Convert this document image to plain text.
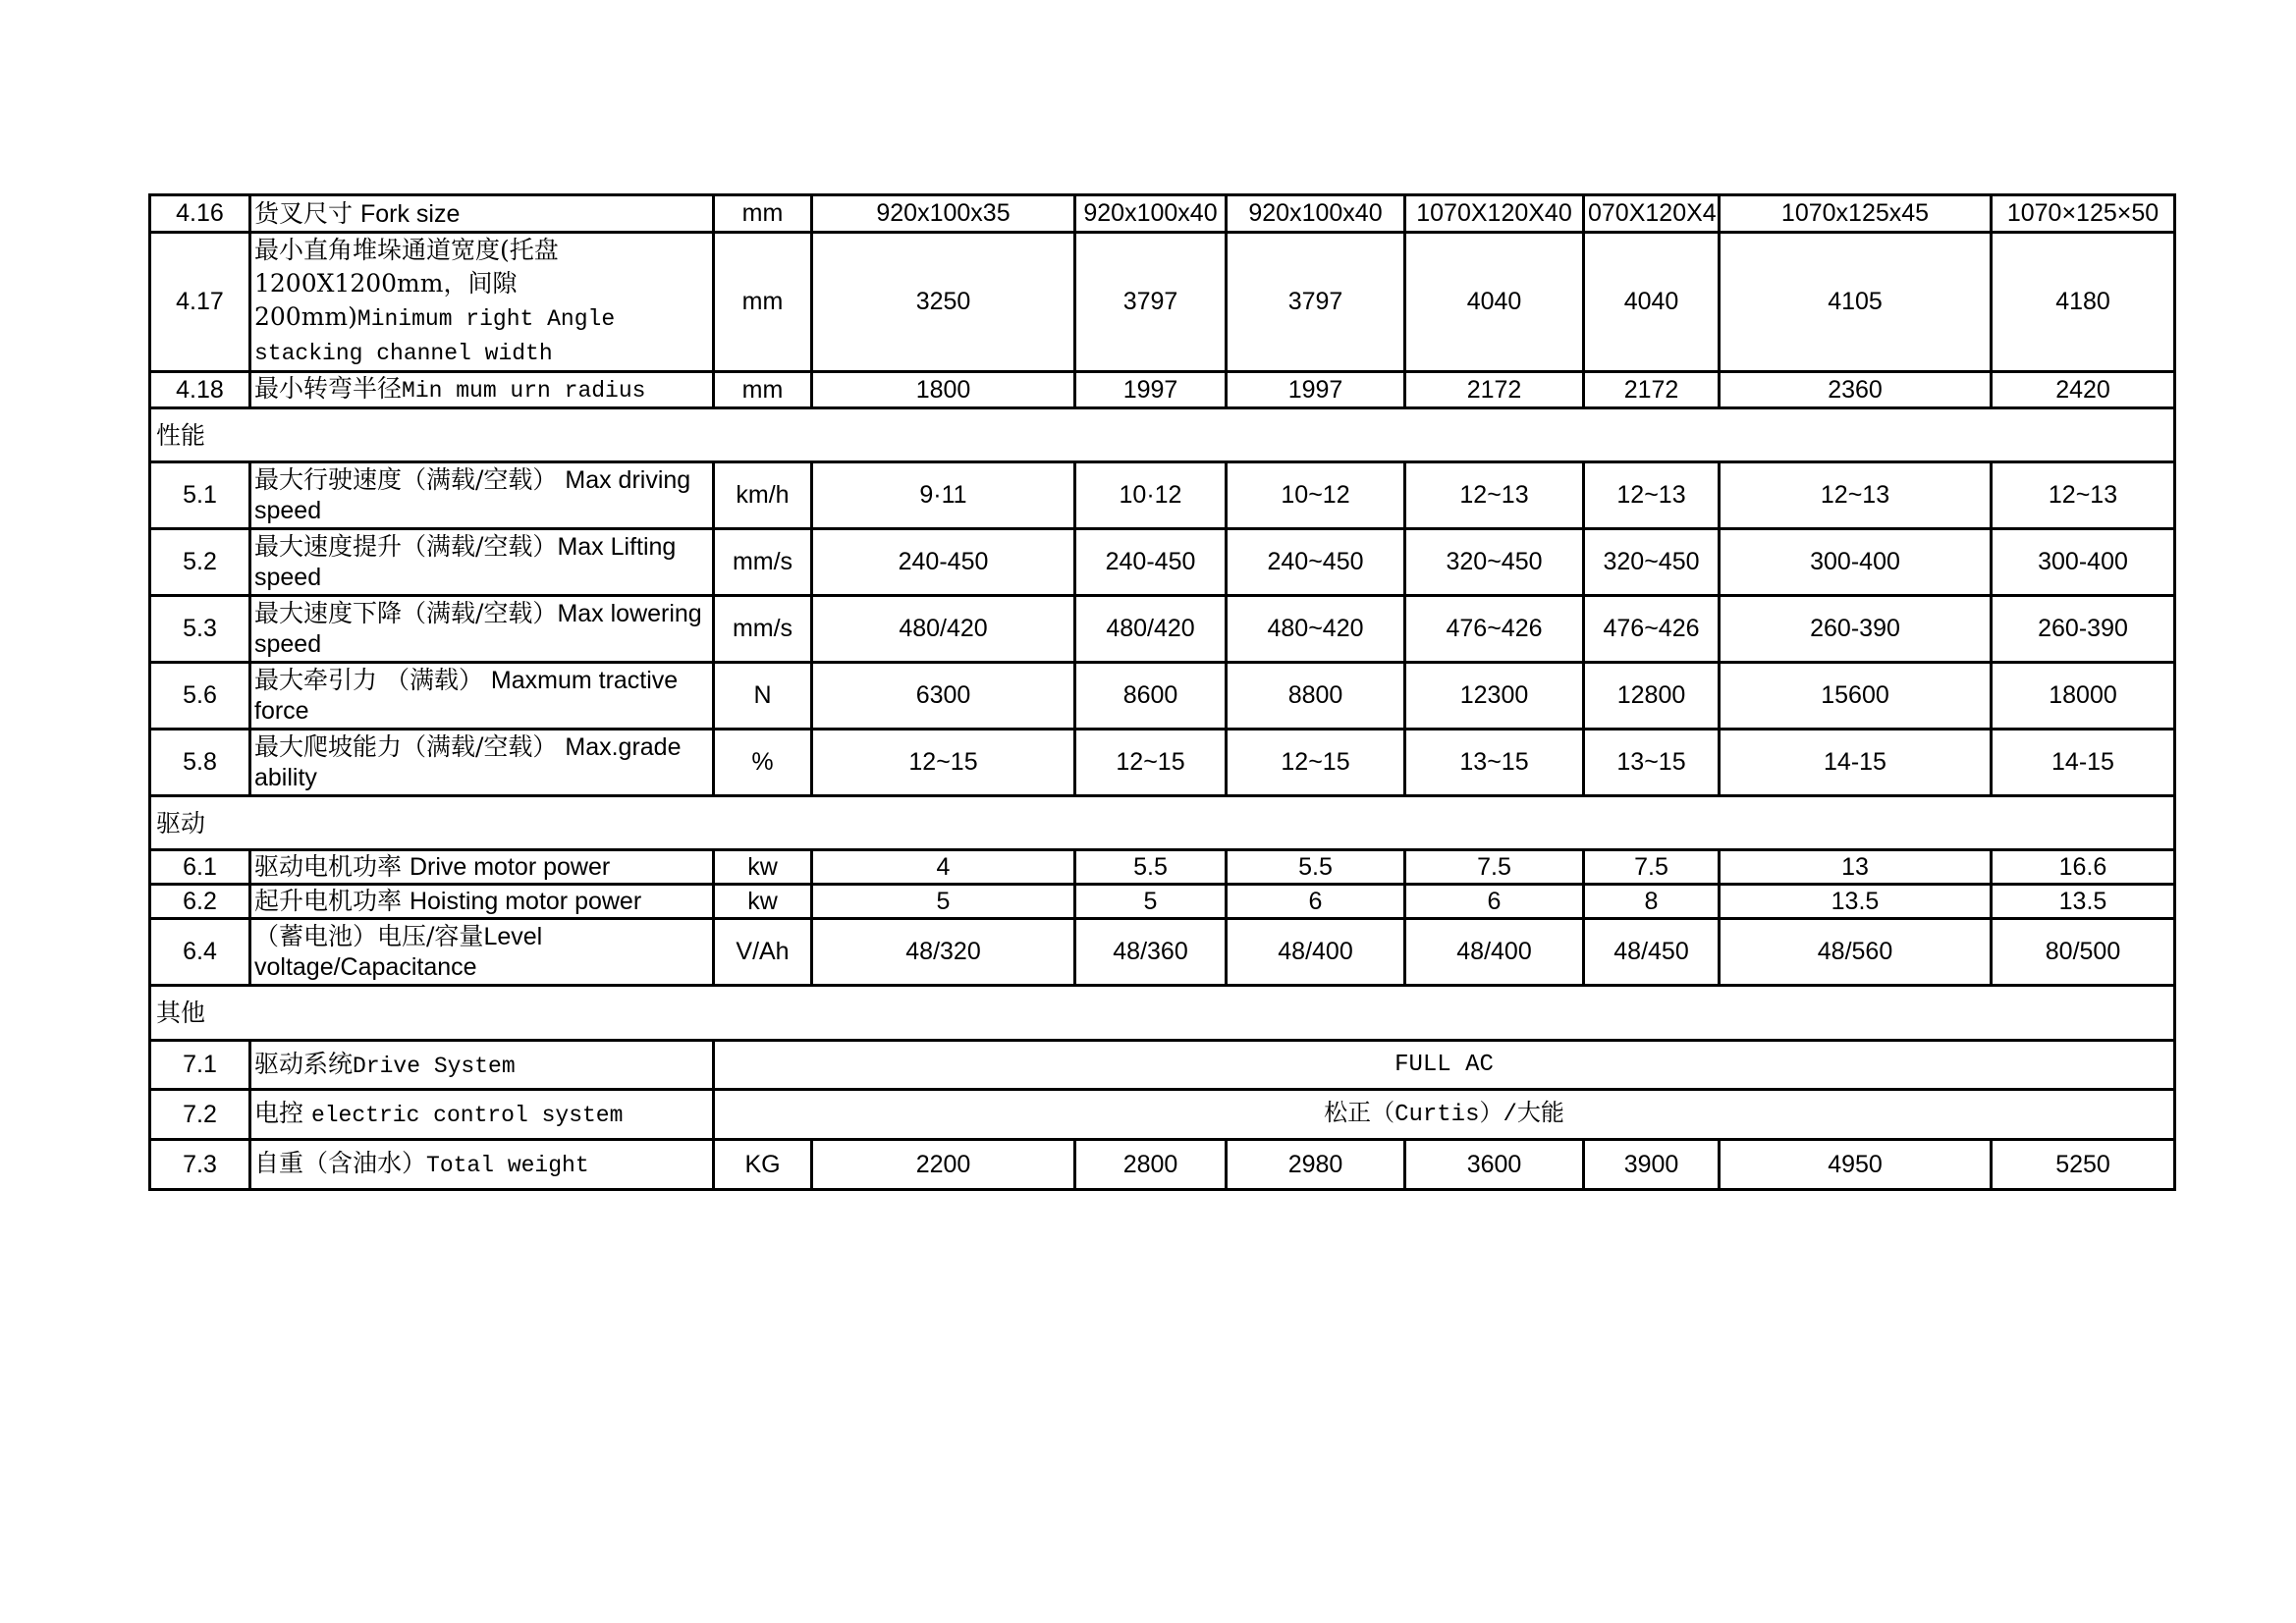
4.16	货叉尺寸 Fork size	mm	920x100x35	920x100x40	920x100x40	1070X120X40	070X120X4	1070x125x45	1070×125×50
4.17	最小直角堆垛通道宽度(托盘1200X1200mm，间隙200mm)Minimum right Angle stacking channel width	mm	3250	3797	3797	4040	4040	4105	4180
4.18	最小转弯半径Min mum urn radius	mm	1800	1997	1997	2172	2172	2360	2420
性能									
5.1	最大行驶速度（满载/空载） Max driving speed	km/h	9·11	10·12	10~12	12~13	12~13	12~13	12~13
5.2	最大速度提升（满载/空载）Max Lifting speed	mm/s	240-450	240-450	240~450	320~450	320~450	300-400	300-400
5.3	最大速度下降（满载/空载）Max lowering speed	mm/s	480/420	480/420	480~420	476~426	476~426	260-390	260-390
5.6	最大牵引力 （满载） Maxmum tractive force	N	6300	8600	8800	12300	12800	15600	18000
5.8	最大爬坡能力（满载/空载） Max.grade ability	%	12~15	12~15	12~15	13~15	13~15	14-15	14-15
驱动									
6.1	驱动电机功率 Drive motor power	kw	4	5.5	5.5	7.5	7.5	13	16.6
6.2	起升电机功率 Hoisting motor power	kw	5	5	6	6	8	13.5	13.5
6.4	（蓄电池）电压/容量Level voltage/Capacitance	V/Ah	48/320	48/360	48/400	48/400	48/450	48/560	80/500
其他									
7.1	驱动系统Drive System	FULL AC							
7.2	电控 electric control system	松正（Curtis）/大能							
7.3	自重（含油水）Total weight	KG	2200	2800	2980	3600	3900	4950	5250
